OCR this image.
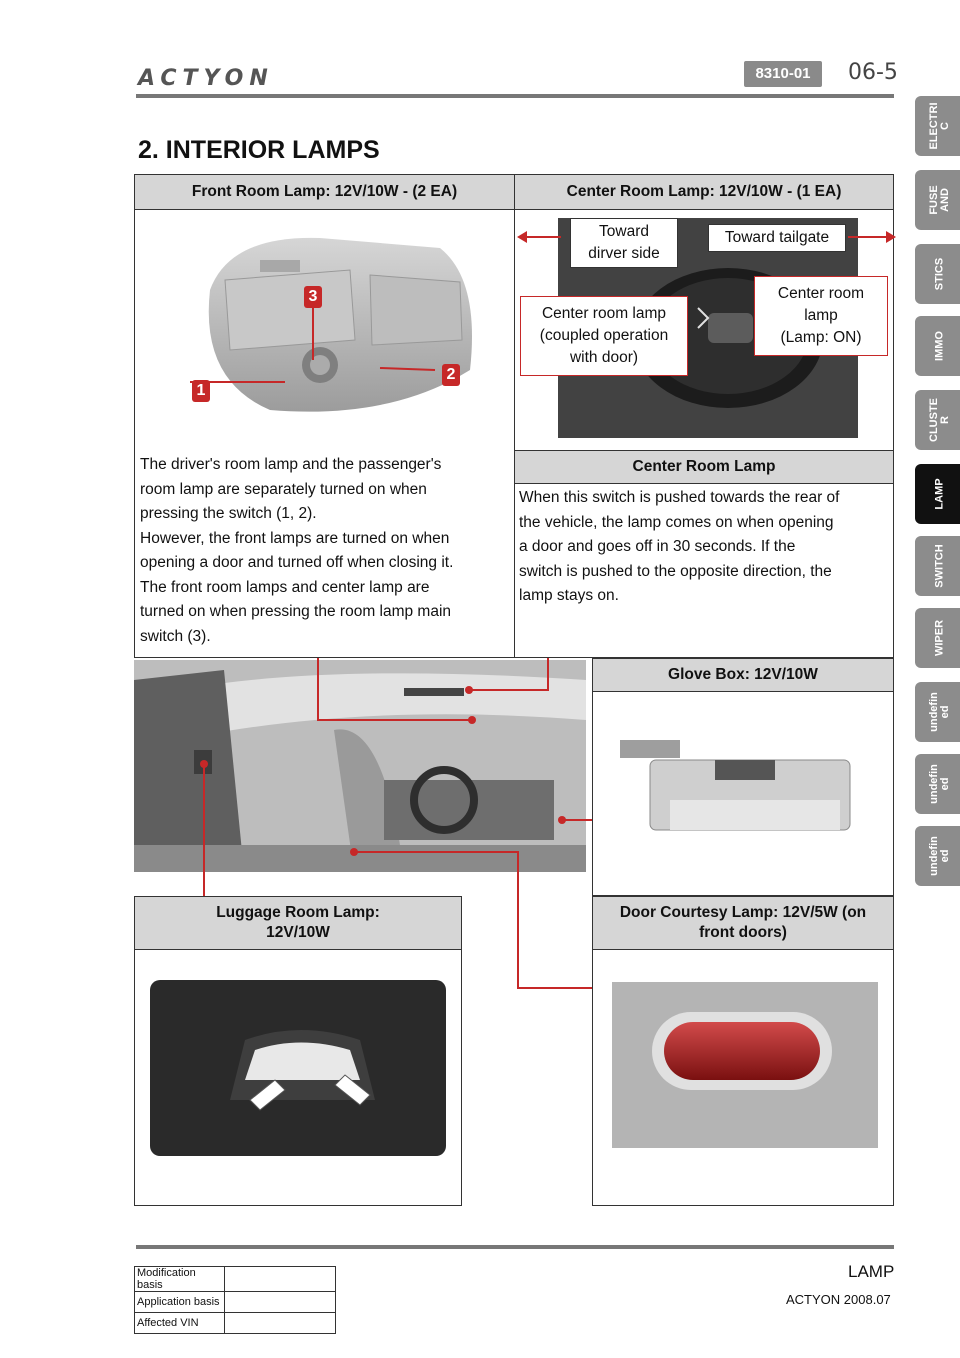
ACTYON	8310-01	06-5
2. INTERIOR LAMPS
ELECTRI
C
FUSE
AND
STICS
IMMO
CLUSTE
R
LAMP
SWITCH
WIPER
undefin
ed
undefin
ed
undefin
ed
Front Room Lamp: 12V/10W - (2 EA)	Center Room Lamp: 12V/10W - (1 EA)
3
1
2
The driver's room lamp and the passenger's
room lamp are separately turned on when
pressing the switch (1, 2).
However, the front lamps are turned on when
opening a door and turned off when closing it.
The front room lamps and center lamp are
turned on when pressing the room lamp main
switch (3).
Toward
dirver side
Toward tailgate
Center room lamp
(coupled operation
with door)
Center room
lamp
(Lamp: ON)
Center Room Lamp
When this switch is pushed towards the rear of
the vehicle, the lamp comes on when opening
a door and goes off in 30 seconds. If the
switch is pushed to the opposite direction, the
lamp stays on.
Glove Box: 12V/10W
Luggage Room Lamp:
12V/10W
Door Courtesy Lamp: 12V/5W (on
front doors)
LAMP
ACTYON 2008.07
Modification basis	
Application basis	
Affected VIN	
